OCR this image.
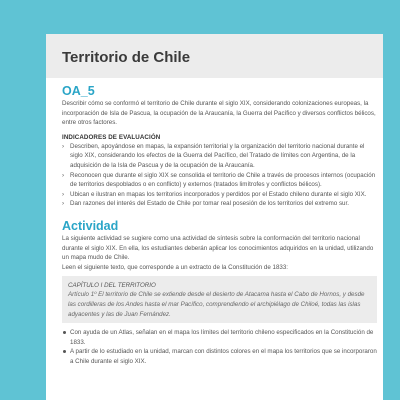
Territorio de Chile
OA_5

Describir cómo se conformó el territorio de Chile durante el siglo XIX, considerando colonizaciones europeas, la incorporación de Isla de Pascua, la ocupación de la Araucanía, la Guerra del Pacífico y diversos conflictos bélicos, entre otros factores.

INDICADORES DE EVALUACIÓN
› Describen, apoyándose en mapas, la expansión territorial y la organización del territorio nacional durante el siglo XIX, considerando los efectos de la Guerra del Pacífico, del Tratado de límites con Argentina, de la adquisición de la Isla de Pascua y de la ocupación de la Araucanía.
› Reconocen que durante el siglo XIX se consolida el territorio de Chile a través de procesos internos (ocupación de territorios despoblados o en conflicto) y externos (tratados limítrofes y conflictos bélicos).
› Ubican e ilustran en mapas los territorios incorporados y perdidos por el Estado chileno durante el siglo XIX.
› Dan razones del interés del Estado de Chile por tomar real posesión de los territorios del extremo sur.
Actividad

La siguiente actividad se sugiere como una actividad de síntesis sobre la conformación del territorio nacional durante el siglo XIX. En ella, los estudiantes deberán aplicar los conocimientos adquiridos en la unidad, utilizando un mapa mudo de Chile.

Leen el siguiente texto, que corresponde a un extracto de la Constitución de 1833:

CAPÍTULO I DEL TERRITORIO
Artículo 1º El territorio de Chile se extiende desde el desierto de Atacama hasta el Cabo de Hornos, y desde las cordilleras de los Andes hasta el mar Pacífico, comprendiendo el archipiélago de Chiloé, todas las islas adyacentes y las de Juan Fernández.
Con ayuda de un Atlas, señalan en el mapa los límites del territorio chileno especificados en la Constitución de 1833.
A partir de lo estudiado en la unidad, marcan con distintos colores en el mapa los territorios que se incorporaron a Chile durante el siglo XIX.
